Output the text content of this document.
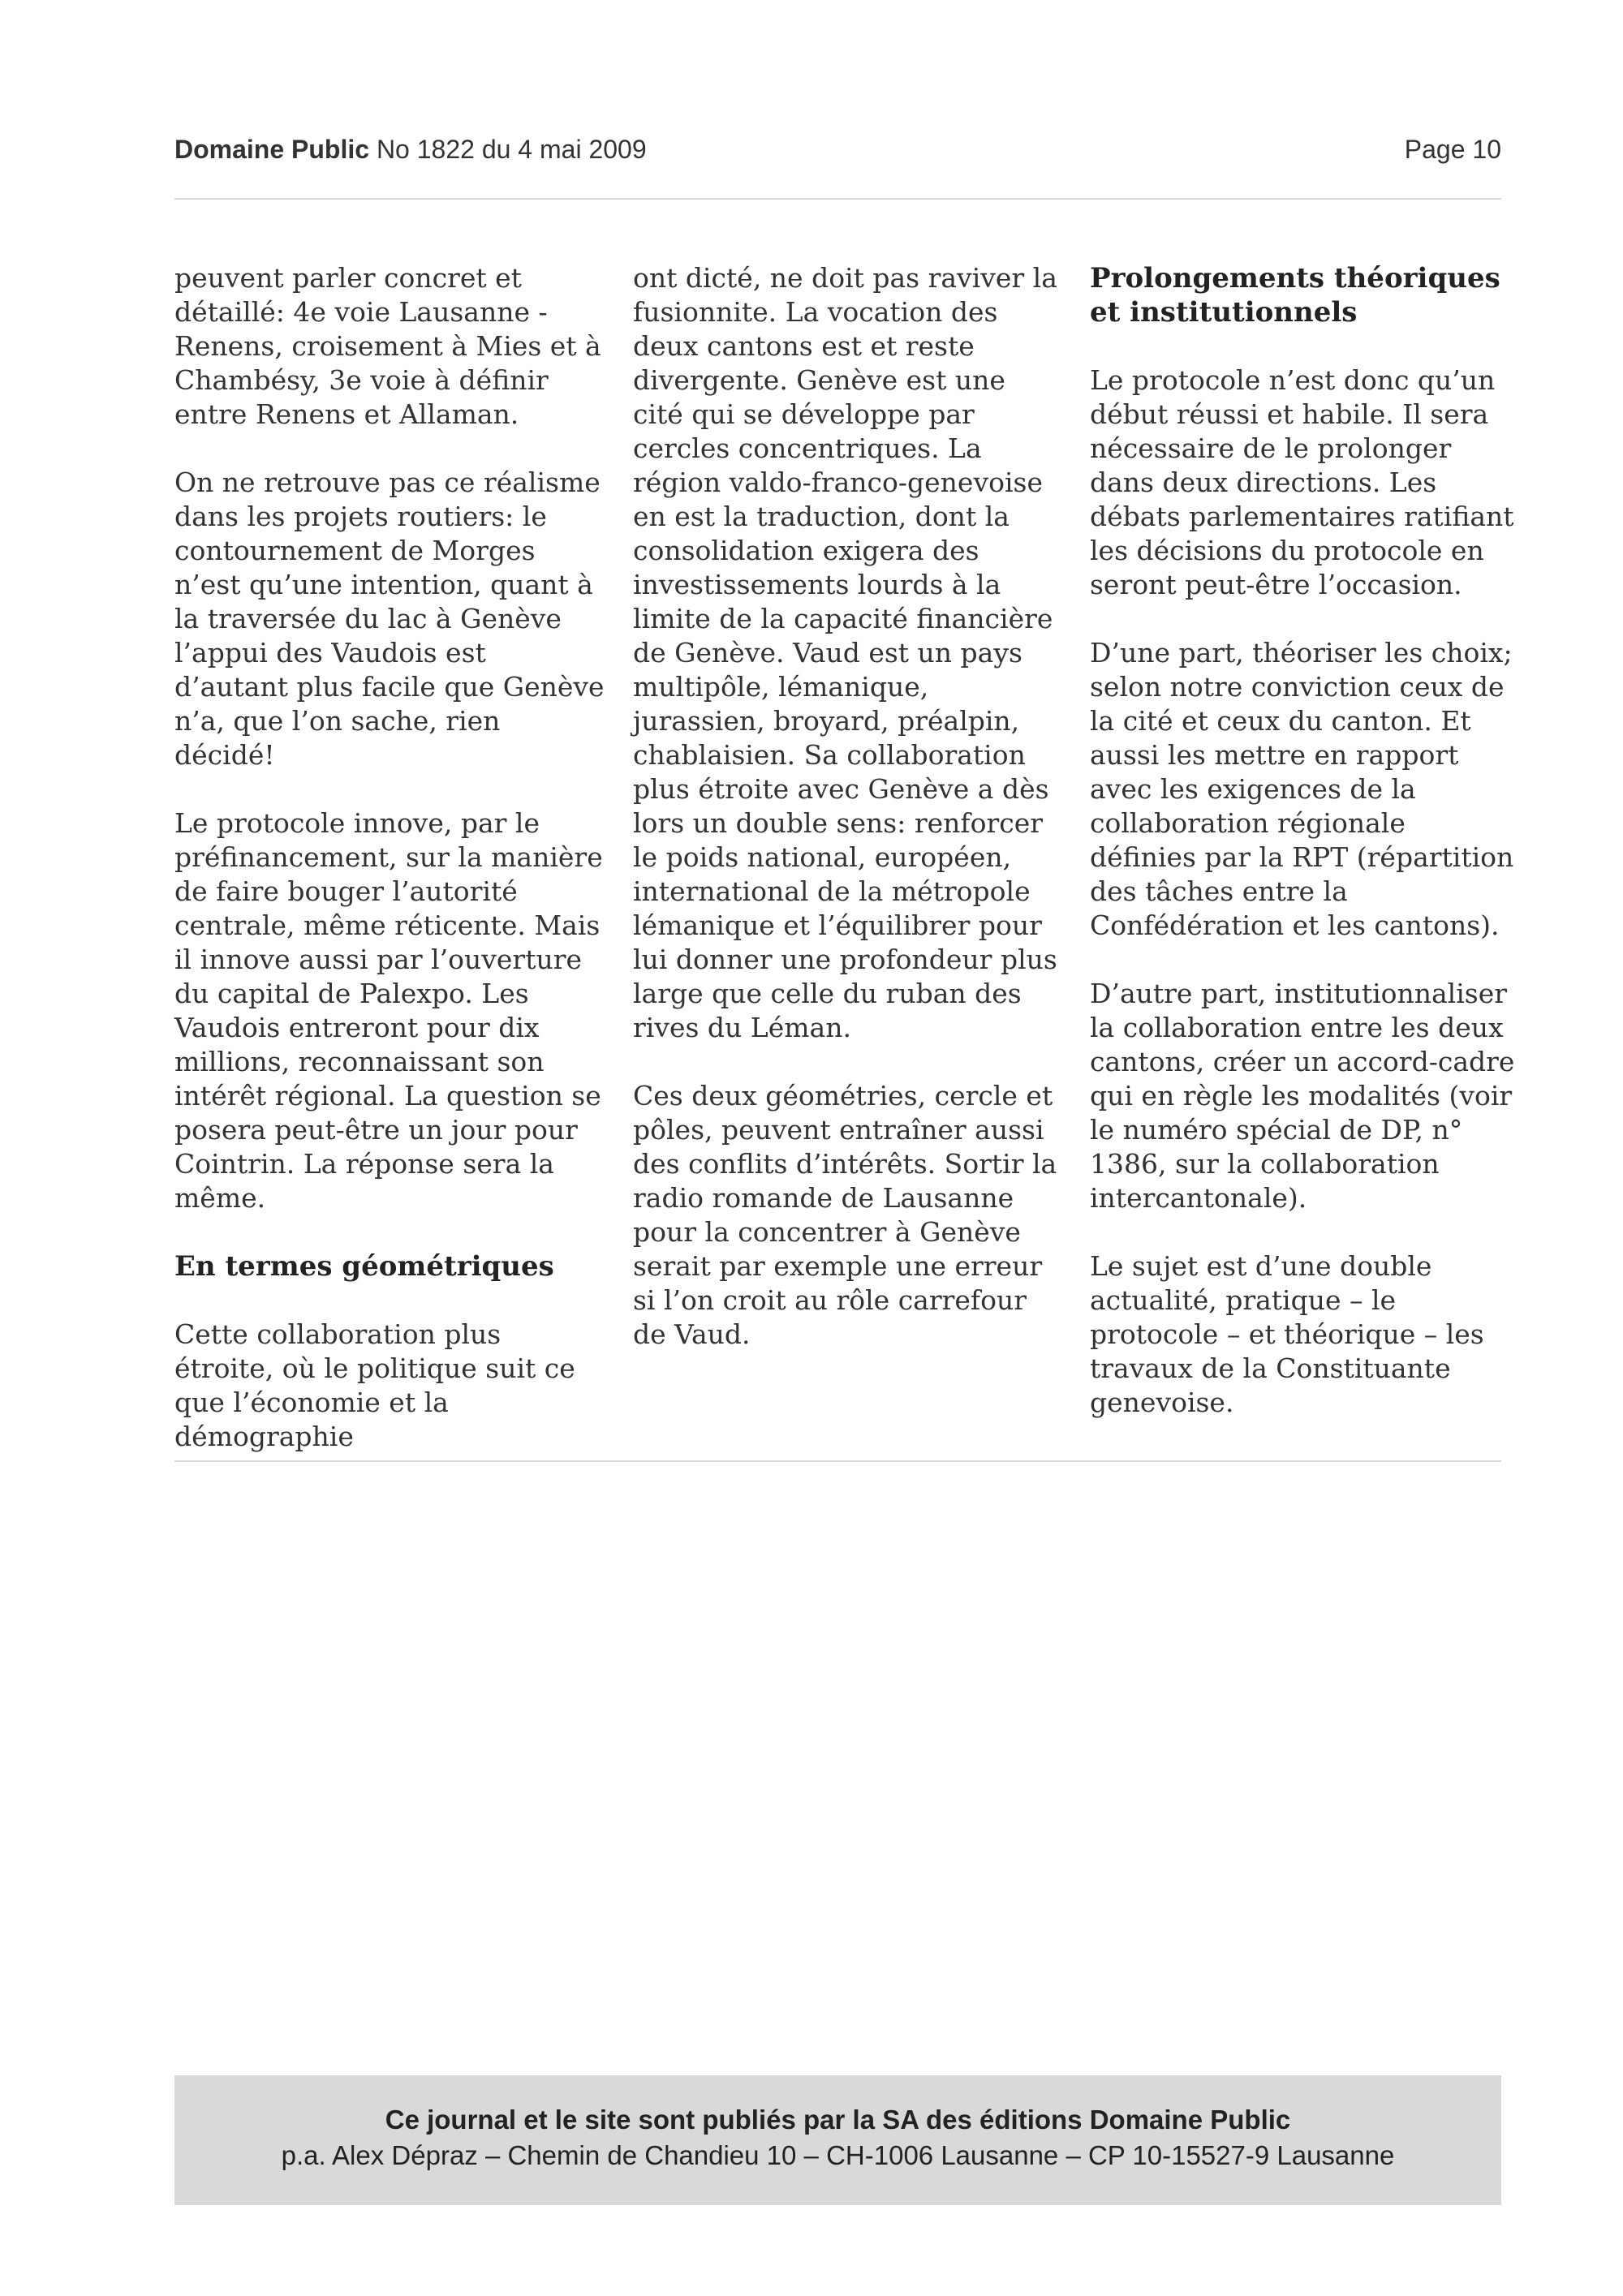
Domaine Public No 1822 du 4 mai 2009	Page 10

peuvent parler concret et détaillé: 4e voie Lausanne - Renens, croisement à Mies et à Chambésy, 3e voie à définir entre Renens et Allaman.

On ne retrouve pas ce réalisme dans les projets routiers: le contournement de Morges n’est qu’une intention, quant à la traversée du lac à Genève l’appui des Vaudois est d’autant plus facile que Genève n’a, que l’on sache, rien décidé!

Le protocole innove, par le préfinancement, sur la manière de faire bouger l’autorité centrale, même réticente. Mais il innove aussi par l’ouverture du capital de Palexpo. Les Vaudois entreront pour dix millions, reconnaissant son intérêt régional. La question se posera peut-être un jour pour Cointrin. La réponse sera la même.

En termes géométriques

Cette collaboration plus étroite, où le politique suit ce que l’économie et la démographie

ont dicté, ne doit pas raviver la fusionnite. La vocation des deux cantons est et reste divergente. Genève est une cité qui se développe par cercles concentriques. La région valdo-franco-genevoise en est la traduction, dont la consolidation exigera des investissements lourds à la limite de la capacité financière de Genève. Vaud est un pays multipôle, lémanique, jurassien, broyard, préalpin, chablaisien. Sa collaboration plus étroite avec Genève a dès lors un double sens: renforcer le poids national, européen, international de la métropole lémanique et l’équilibrer pour lui donner une profondeur plus large que celle du ruban des rives du Léman.

Ces deux géométries, cercle et pôles, peuvent entraîner aussi des conflits d’intérêts. Sortir la radio romande de Lausanne pour la concentrer à Genève serait par exemple une erreur si l’on croit au rôle carrefour de Vaud.

Prolongements théoriques et institutionnels

Le protocole n’est donc qu’un début réussi et habile. Il sera nécessaire de le prolonger dans deux directions. Les débats parlementaires ratifiant les décisions du protocole en seront peut-être l’occasion.

D’une part, théoriser les choix; selon notre conviction ceux de la cité et ceux du canton. Et aussi les mettre en rapport avec les exigences de la collaboration régionale définies par la RPT (répartition des tâches entre la Confédération et les cantons).

D’autre part, institutionnaliser la collaboration entre les deux cantons, créer un accord-cadre qui en règle les modalités (voir le numéro spécial de DP, n° 1386, sur la collaboration intercantonale).

Le sujet est d’une double actualité, pratique – le protocole – et théorique – les travaux de la Constituante genevoise.

Ce journal et le site sont publiés par la SA des éditions Domaine Public
p.a. Alex Dépraz – Chemin de Chandieu 10 – CH-1006 Lausanne – CP 10-15527-9 Lausanne
